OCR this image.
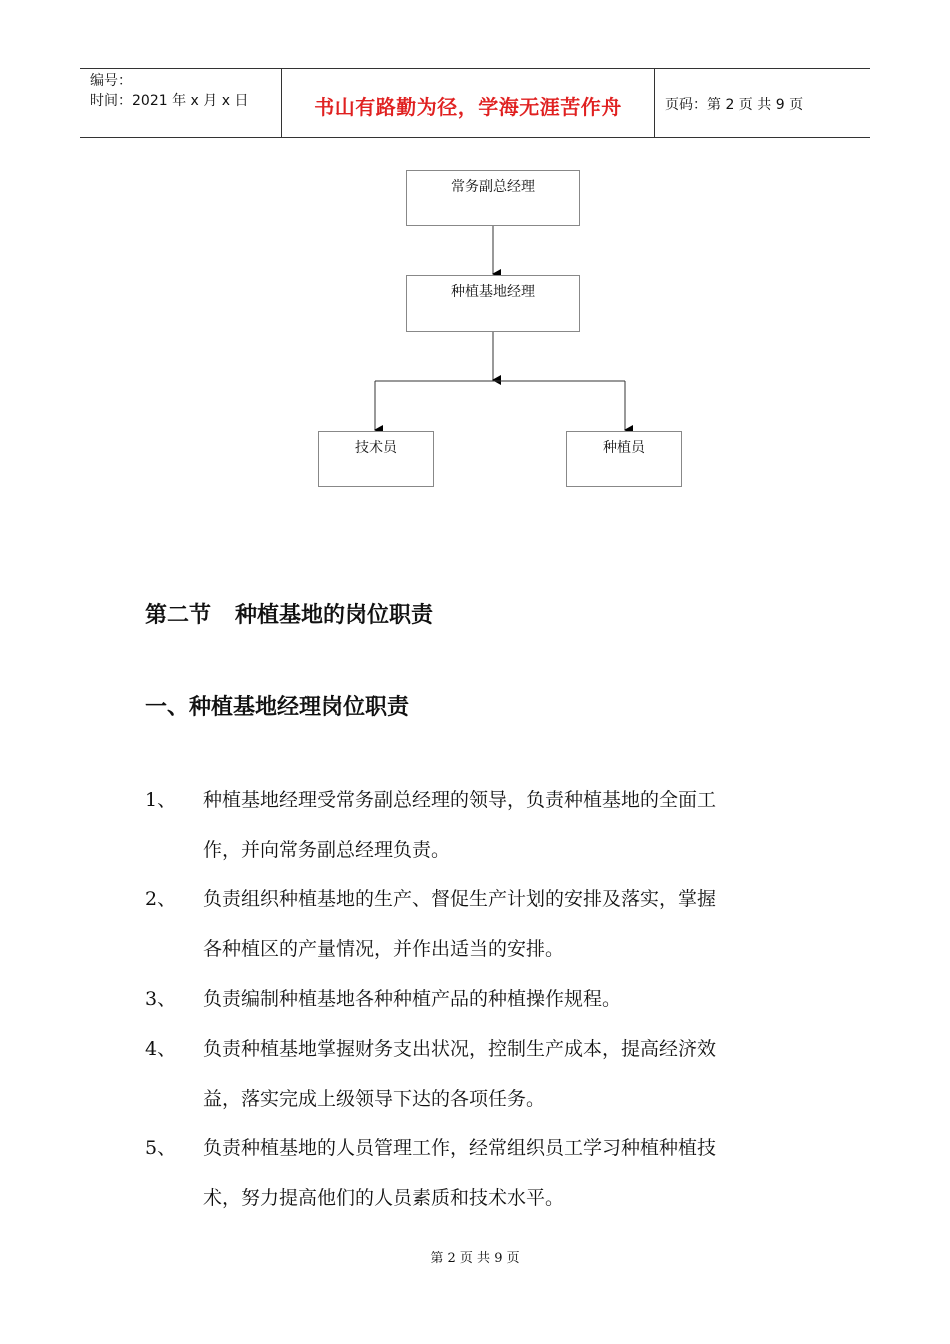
编号：
时间：2021 年 x 月 x 日	书山有路勤为径，学海无涯苦作舟	页码：第 2 页 共 9 页
常务副总经理
种植基地经理
技术员	种植员
第二节 种植基地的岗位职责
一、种植基地经理岗位职责
1、 种植基地经理受常务副总经理的领导，负责种植基地的全面工
作，并向常务副总经理负责。
2、 负责组织种植基地的生产、督促生产计划的安排及落实，掌握
各种植区的产量情况，并作出适当的安排。
3、 负责编制种植基地各种种植产品的种植操作规程。
4、 负责种植基地掌握财务支出状况，控制生产成本，提高经济效
益，落实完成上级领导下达的各项任务。
5、 负责种植基地的人员管理工作，经常组织员工学习种植种植技
术，努力提高他们的人员素质和技术水平。
第 2 页 共 9 页
